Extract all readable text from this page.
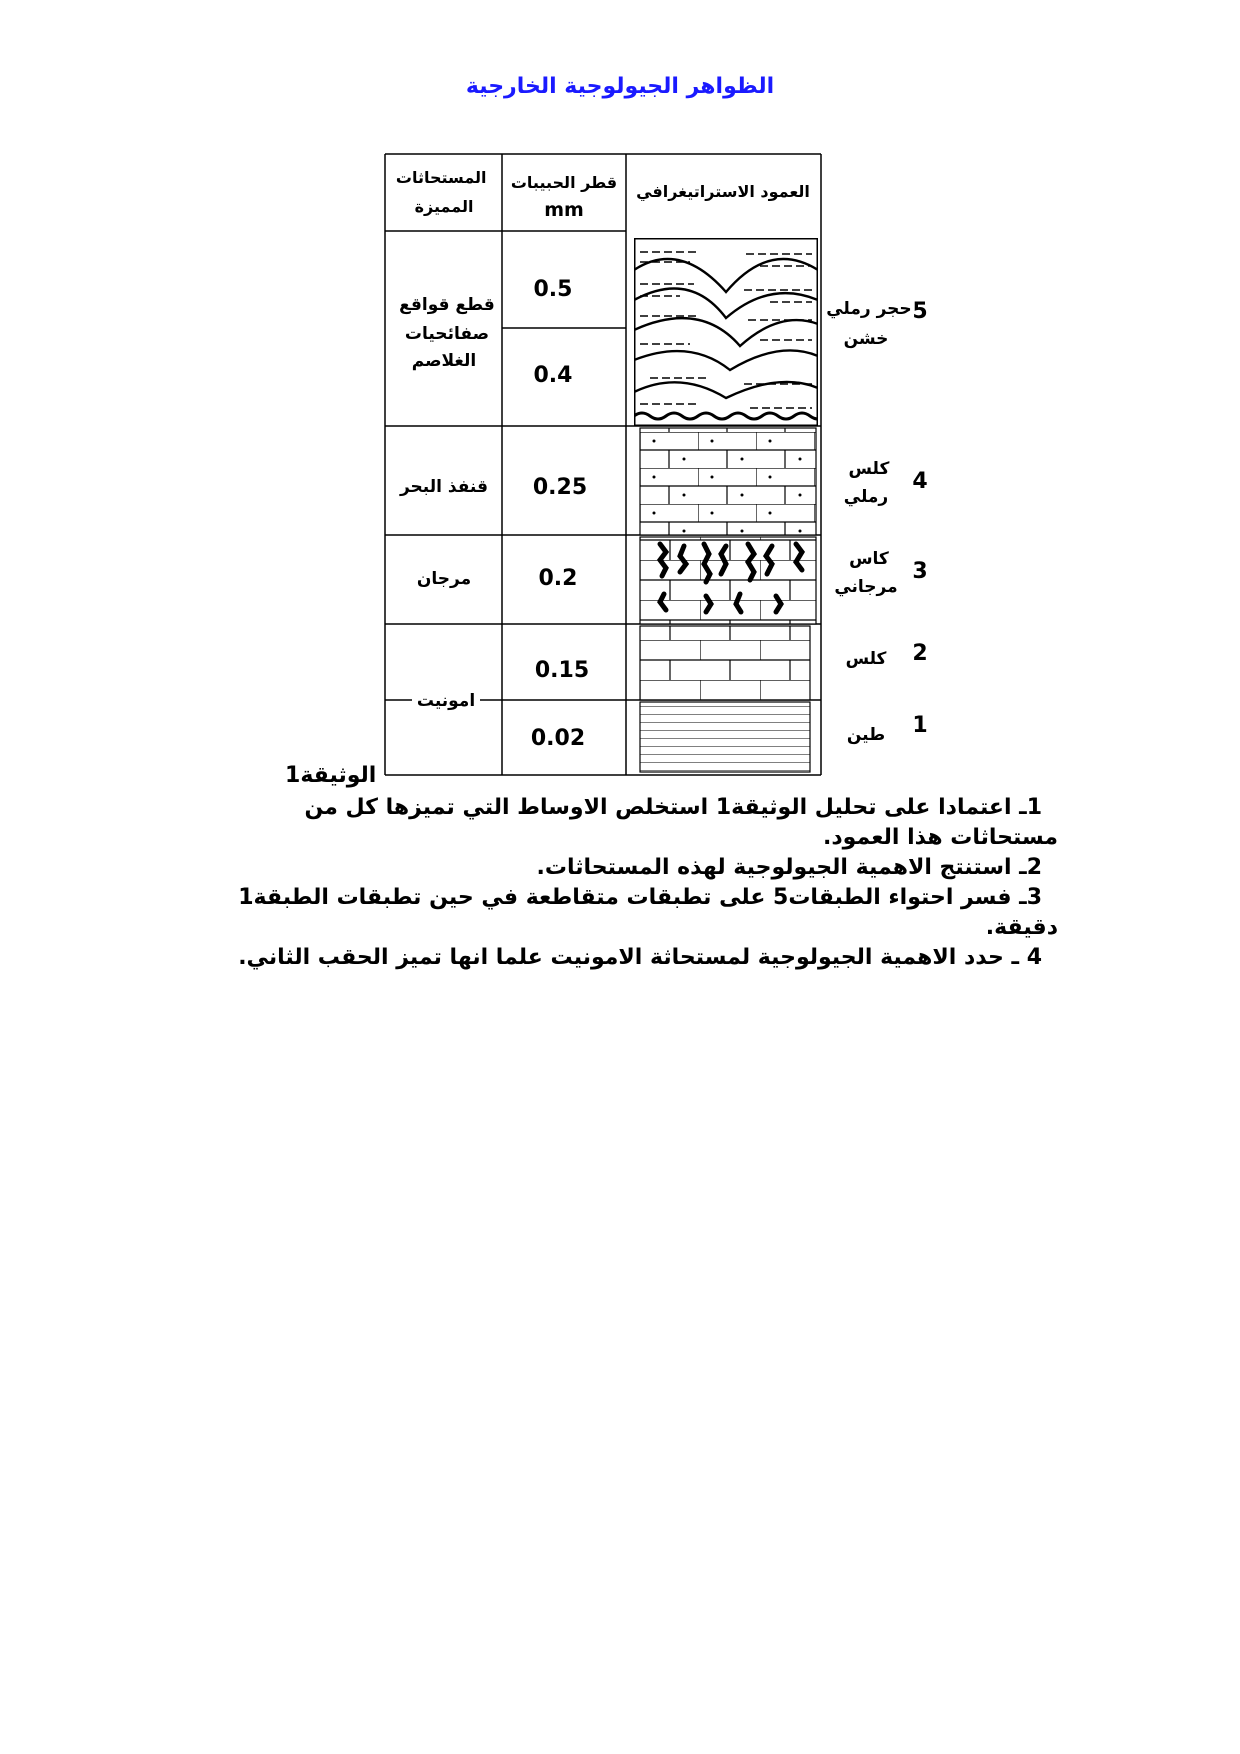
الظواهر الجيولوجية الخارجية
المستحاثات المميزة
قطر الحبيبات
mm
العمود الاستراتيغرافي
قطع قواقع صفائحيات الغلاصم
قنفذ البحر
مرجان
امونيت
0.5
0.4
0.25
0.2
0.15
0.02
حجر رملي خشن
كلس رملي
كاس مرجاني
كلس
طين
5
4
3
2
1
الوثيقة1

1ـ اعتمادا على تحليل الوثيقة1 استخلص الاوساط التي تميزها كل من مستحاثات هذا العمود.

2ـ استنتج الاهمية الجيولوجية لهذه المستحاثات.

3ـ فسر احتواء الطبقات5 على تطبقات متقاطعة في حين تطبقات الطبقة1 دقيقة.

4 ـ حدد الاهمية الجيولوجية لمستحاثة الامونيت علما انها تميز الحقب الثاني.
